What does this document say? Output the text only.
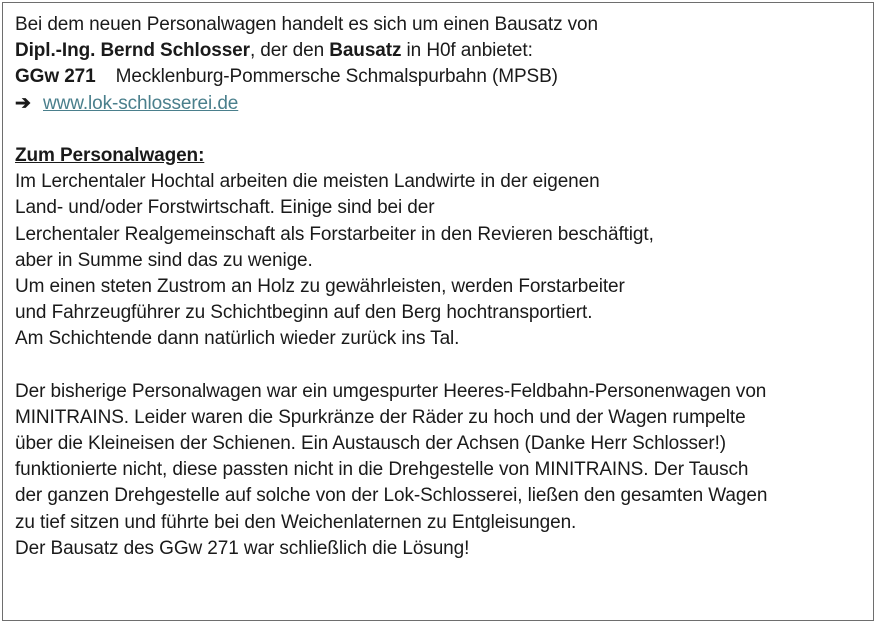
Bei dem neuen Personalwagen handelt es sich um einen Bausatz von
Dipl.-Ing. Bernd Schlosser, der den Bausatz in H0f anbietet:
GGw 271 Mecklenburg-Pommersche Schmalspurbahn (MPSB)
➔ www.lok-schlosserei.de
Zum Personalwagen:
Im Lerchentaler Hochtal arbeiten die meisten Landwirte in der eigenen
Land- und/oder Forstwirtschaft. Einige sind bei der
Lerchentaler Realgemeinschaft als Forstarbeiter in den Revieren beschäftigt,
aber in Summe sind das zu wenige.
Um einen steten Zustrom an Holz zu gewährleisten, werden Forstarbeiter
und Fahrzeugführer zu Schichtbeginn auf den Berg hochtransportiert.
Am Schichtende dann natürlich wieder zurück ins Tal.
Der bisherige Personalwagen war ein umgespurter Heeres-Feldbahn-Personenwagen von
MINITRAINS. Leider waren die Spurkränze der Räder zu hoch und der Wagen rumpelte
über die Kleineisen der Schienen. Ein Austausch der Achsen (Danke Herr Schlosser!)
funktionierte nicht, diese passten nicht in die Drehgestelle von MINITRAINS. Der Tausch
der ganzen Drehgestelle auf solche von der Lok-Schlosserei, ließen den gesamten Wagen
zu tief sitzen und führte bei den Weichenlaternen zu Entgleisungen.
Der Bausatz des GGw 271 war schließlich die Lösung!
